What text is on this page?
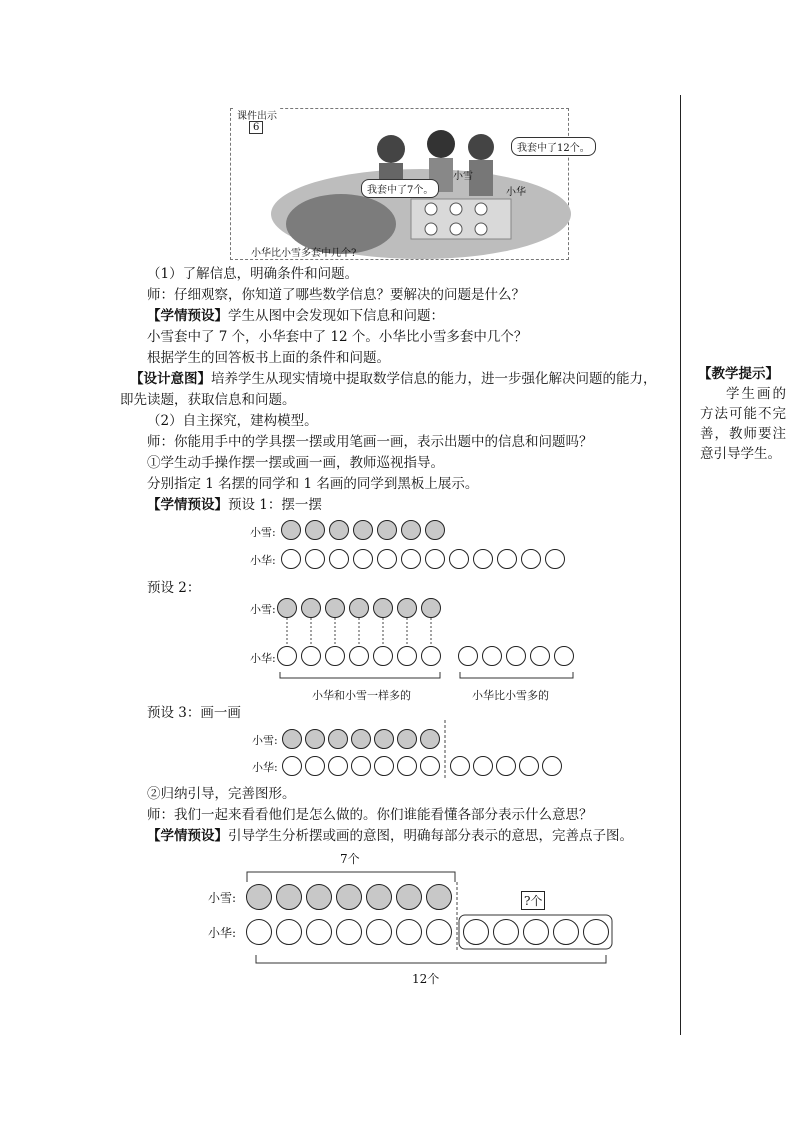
课件出示
6
我套中了7个。
我套中了12个。
小雪
小华
小华比小雪多套中几个?
（1）了解信息，明确条件和问题。
师：仔细观察，你知道了哪些数学信息？要解决的问题是什么？
【学情预设】学生从图中会发现如下信息和问题：
小雪套中了 7 个，小华套中了 12 个。小华比小雪多套中几个？
根据学生的回答板书上面的条件和问题。
【设计意图】培养学生从现实情境中提取数学信息的能力，进一步强化解决问题的能力，
即先读题，获取信息和问题。
（2）自主探究，建构模型。
师：你能用手中的学具摆一摆或用笔画一画，表示出题中的信息和问题吗？
①学生动手操作摆一摆或画一画，教师巡视指导。
分别指定 1 名摆的同学和 1 名画的同学到黑板上展示。
【学情预设】预设 1：摆一摆
预设 2：
预设 3：画一画
②归纳引导，完善图形。
师：我们一起来看看他们是怎么做的。你们谁能看懂各部分表示什么意思？
【学情预设】引导学生分析摆或画的意图，明确每部分表示的意思，完善点子图。
小雪:
小华:
小雪:
小华:
小华和小雪一样多的	小华比小雪多的
小雪:
小华:
小雪:
小华:
7个
?个
12个
【教学提示】
学生画的方法可能不完善，教师要注意引导学生。
